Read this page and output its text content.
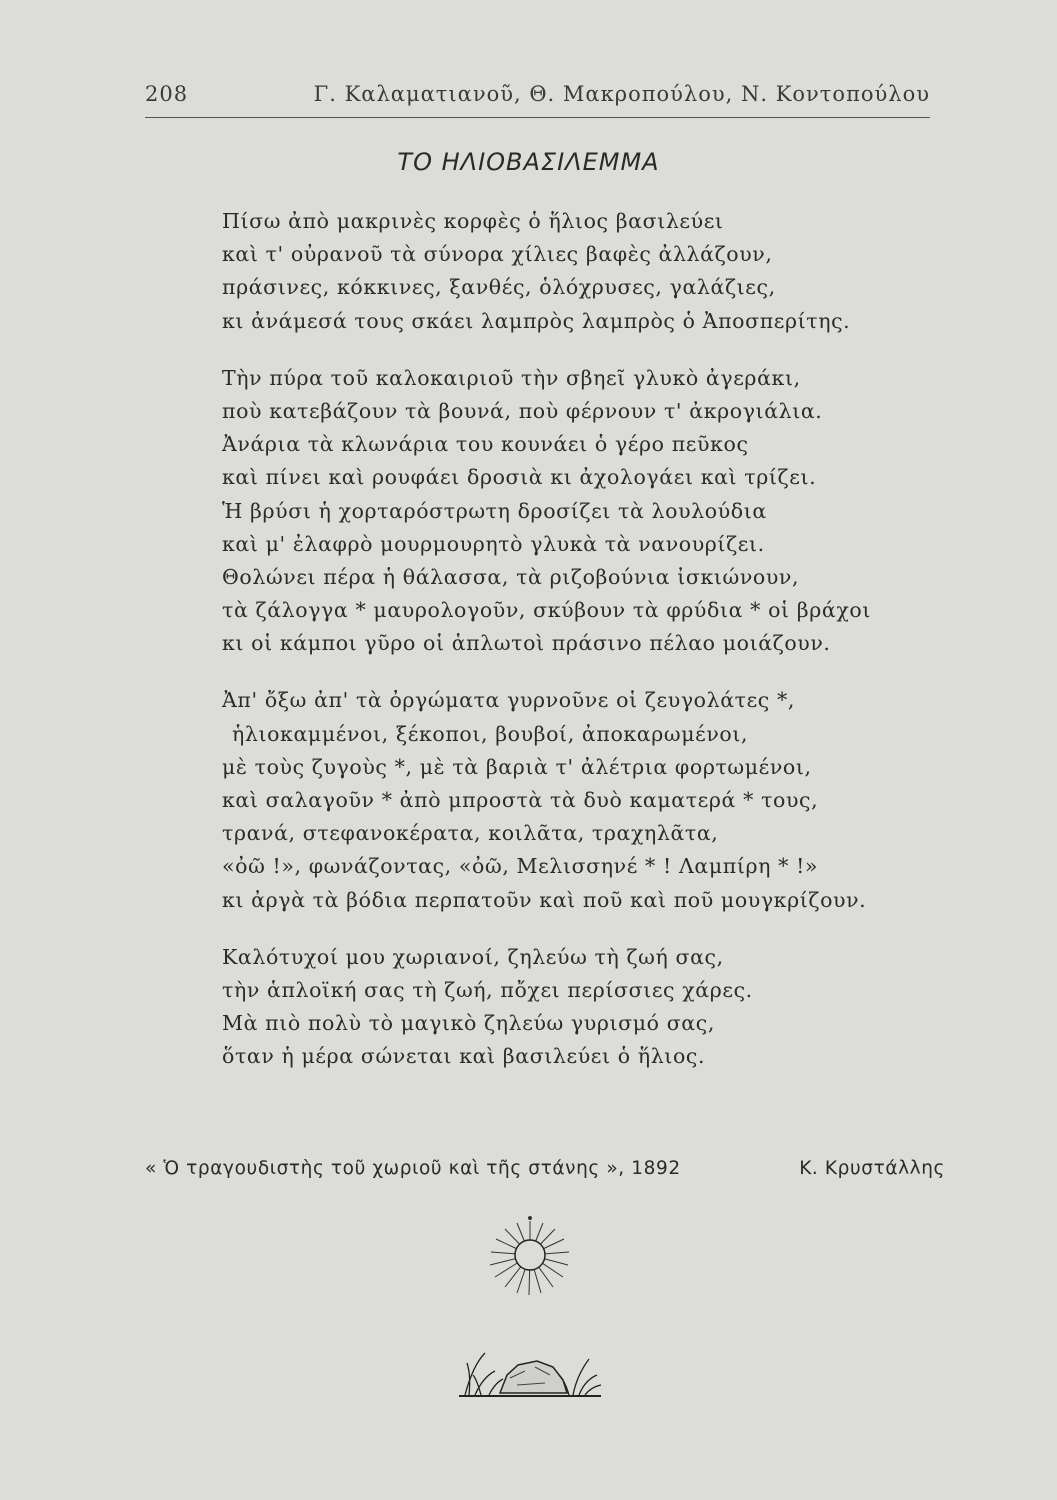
208	Γ. Καλαματιανοῦ, Θ. Μακροπούλου, Ν. Κοντοπούλου
ΤΟ ΗΛΙΟΒΑΣΙΛΕΜΜΑ
Πίσω ἀπὸ μακρινὲς κορφὲς ὁ ἥλιος βασιλεύει
καὶ τ' οὐρανοῦ τὰ σύνορα χίλιες βαφὲς ἀλλάζουν,
πράσινες, κόκκινες, ξανθές, ὁλόχρυσες, γαλάζιες,
κι ἀνάμεσά τους σκάει λαμπρὸς λαμπρὸς ὁ Ἀποσπερίτης.
Τὴν πύρα τοῦ καλοκαιριοῦ τὴν σβηεῖ γλυκὸ ἀγεράκι,
ποὺ κατεβάζουν τὰ βουνά, ποὺ φέρνουν τ' ἀκρογιάλια.
Ἀνάρια τὰ κλωνάρια του κουνάει ὁ γέρο πεῦκος
καὶ πίνει καὶ ρουφάει δροσιὰ κι ἀχολογάει καὶ τρίζει.
Ἡ βρύσι ἡ χορταρόστρωτη δροσίζει τὰ λουλούδια
καὶ μ' ἐλαφρὸ μουρμουρητὸ γλυκὰ τὰ νανουρίζει.
Θολώνει πέρα ἡ θάλασσα, τὰ ριζοβούνια ἰσκιώνουν,
τὰ ζάλογγα * μαυρολογοῦν, σκύβουν τὰ φρύδια * οἱ βράχοι
κι οἱ κάμποι γῦρο οἱ ἁπλωτοὶ πράσινο πέλαο μοιάζουν.
Ἀπ' ὄξω ἀπ' τὰ ὀργώματα γυρνοῦνε οἱ ζευγολάτες *,
ἡλιοκαμμένοι, ξέκοποι, βουβοί, ἀποκαρωμένοι,
μὲ τοὺς ζυγοὺς *, μὲ τὰ βαριὰ τ' ἀλέτρια φορτωμένοι,
καὶ σαλαγοῦν * ἀπὸ μπροστὰ τὰ δυὸ καματερά * τους,
τρανά, στεφανοκέρατα, κοιλᾶτα, τραχηλᾶτα,
«ὀῶ !», φωνάζοντας, «ὀῶ, Μελισσηνέ * ! Λαμπίρη * !»
κι ἀργὰ τὰ βόδια περπατοῦν καὶ ποῦ καὶ ποῦ μουγκρίζουν.
Καλότυχοί μου χωριανοί, ζηλεύω τὴ ζωή σας,
τὴν ἁπλοϊκή σας τὴ ζωή, πὄχει περίσσιες χάρες.
Μὰ πιὸ πολὺ τὸ μαγικὸ ζηλεύω γυρισμό σας,
ὅταν ἡ μέρα σώνεται καὶ βασιλεύει ὁ ἥλιος.
« Ὁ τραγουδιστὴς τοῦ χωριοῦ καὶ τῆς στάνης », 1892	Κ. Κρυστάλλης
